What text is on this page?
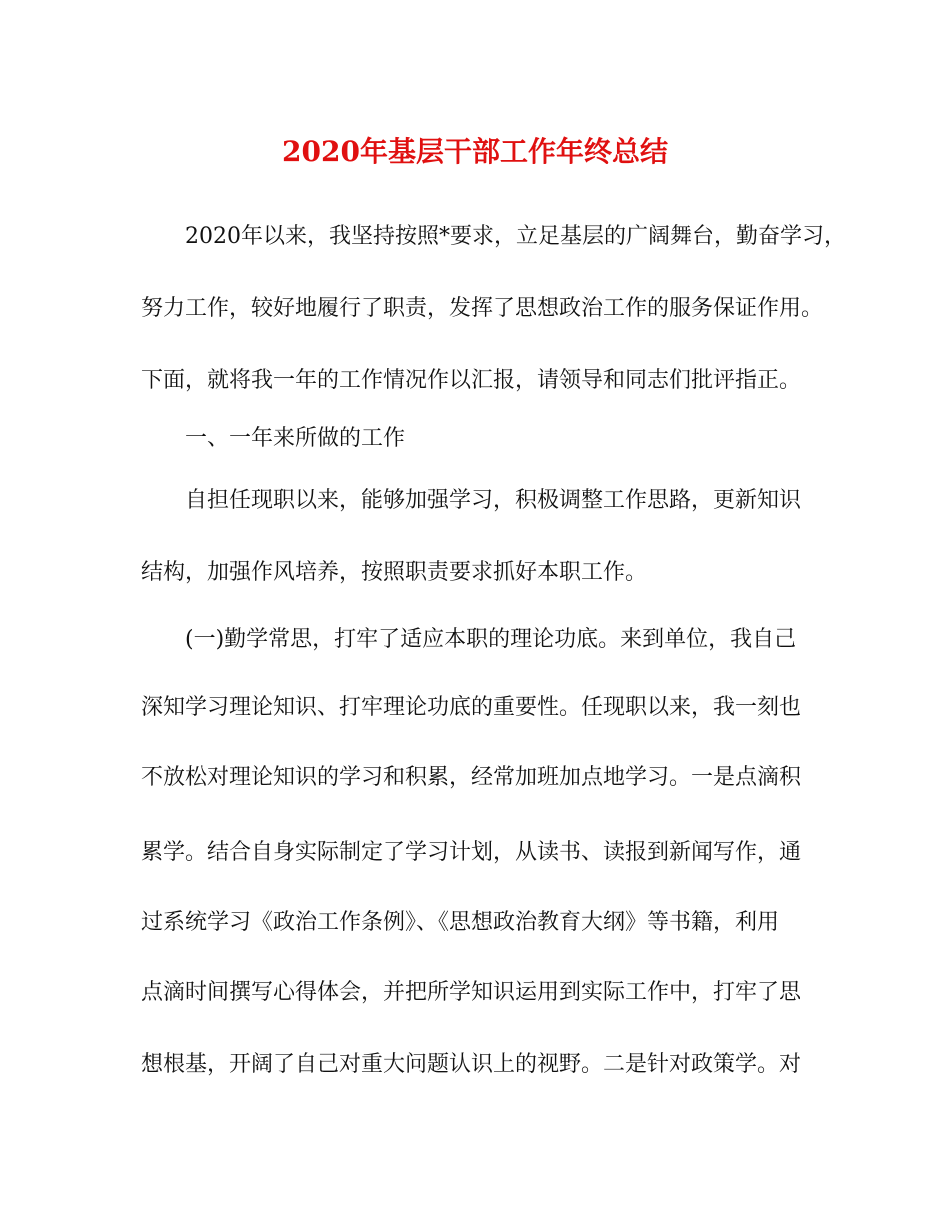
2020年基层干部工作年终总结
2020年以来，我坚持按照*要求，立足基层的广阔舞台，勤奋学习，
努力工作，较好地履行了职责，发挥了思想政治工作的服务保证作用。
下面，就将我一年的工作情况作以汇报，请领导和同志们批评指正。
一、一年来所做的工作
自担任现职以来，能够加强学习，积极调整工作思路，更新知识
结构，加强作风培养，按照职责要求抓好本职工作。
(一)勤学常思，打牢了适应本职的理论功底。来到单位，我自己
深知学习理论知识、打牢理论功底的重要性。任现职以来，我一刻也
不放松对理论知识的学习和积累，经常加班加点地学习。一是点滴积
累学。结合自身实际制定了学习计划，从读书、读报到新闻写作，通
过系统学习《政治工作条例》、《思想政治教育大纲》等书籍，利用
点滴时间撰写心得体会，并把所学知识运用到实际工作中，打牢了思
想根基，开阔了自己对重大问题认识上的视野。二是针对政策学。对
